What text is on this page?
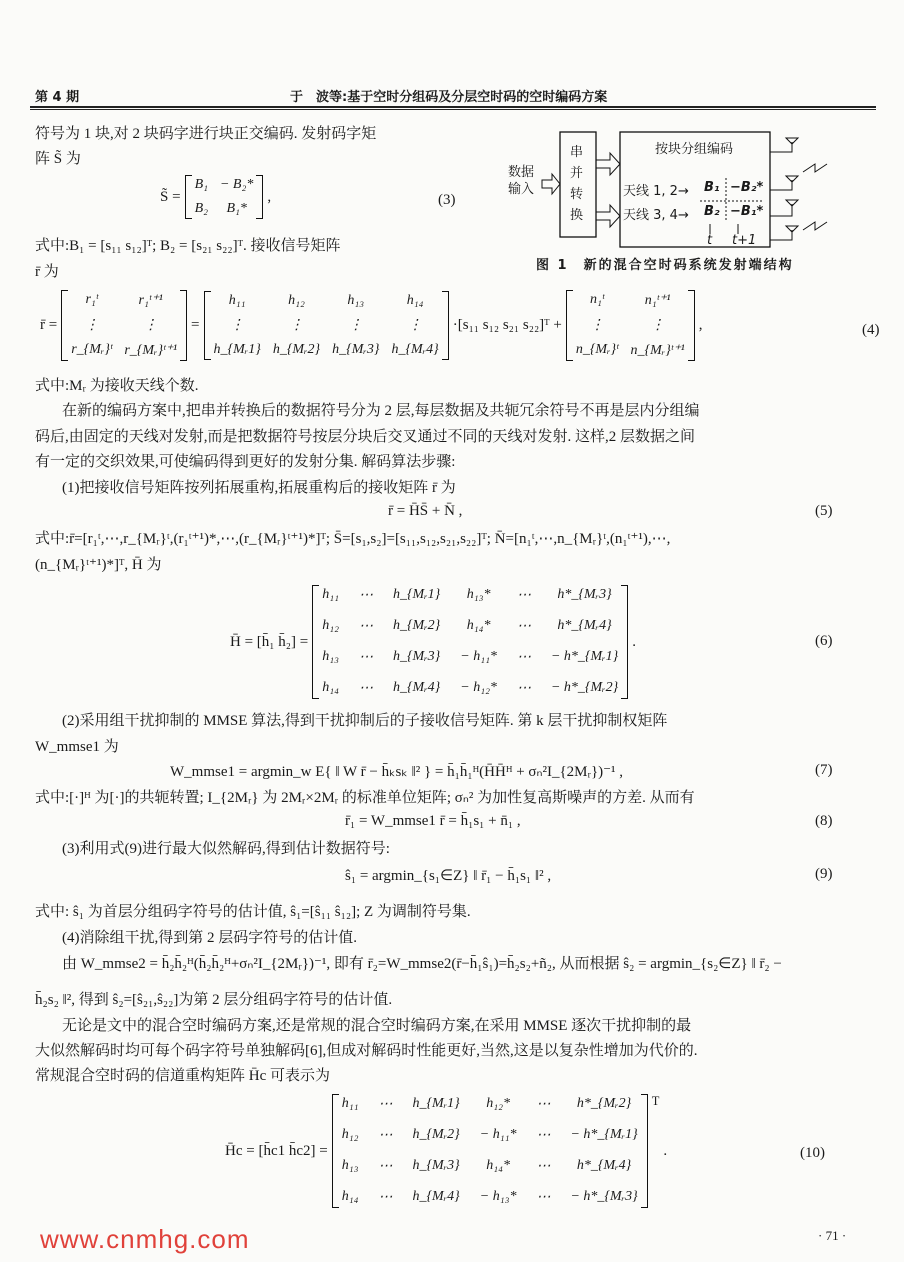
第 4 期	于　波等:基于空时分组码及分层空时码的空时编码方案
符号为 1 块,对 2 块码字进行块正交编码. 发射码字矩
阵 S̃ 为
S̃ =
B₁ − B₂*
B₂	B₁*
,	(3)
式中:B₁ = [s₁₁ s₁₂]ᵀ; B₂ = [s₂₁ s₂₂]ᵀ. 接收信号矩阵
r̄ 为
数据
输入
串
并
转
换
按块分组编码
天线 1, 2→
天线 3, 4→
B₁ −B₂*
B₂ −B₁*
t t+1
图 1　新的混合空时码系统发射端结构
r̄ =
r₁ᵗ	r₁ᵗ⁺¹
⋮	⋮
r_{Mᵣ}ᵗ r_{Mᵣ}ᵗ⁺¹
=
h₁₁	h₁₂	h₁₃	h₁₄
⋮	⋮	⋮	⋮
h_{Mᵣ1} h_{Mᵣ2} h_{Mᵣ3} h_{Mᵣ4}
·[s₁₁ s₁₂ s₂₁ s₂₂]ᵀ +
n₁ᵗ	n₁ᵗ⁺¹
⋮	⋮
n_{Mᵣ}ᵗ n_{Mᵣ}ᵗ⁺¹
,	(4)
式中:Mᵣ 为接收天线个数.
在新的编码方案中,把串并转换后的数据符号分为 2 层,每层数据及共轭冗余符号不再是层内分组编
码后,由固定的天线对发射,而是把数据符号按层分块后交叉通过不同的天线对发射. 这样,2 层数据之间
有一定的交织效果,可使编码得到更好的发射分集. 解码算法步骤:
(1)把接收信号矩阵按列拓展重构,拓展重构后的接收矩阵 r̄ 为
r̄ = H̄S̄ + N̄ ,	(5)
式中:r̄=[r₁ᵗ,⋯,r_{Mᵣ}ᵗ,(r₁ᵗ⁺¹)*,⋯,(r_{Mᵣ}ᵗ⁺¹)*]ᵀ; S̄=[s₁,s₂]=[s₁₁,s₁₂,s₂₁,s₂₂]ᵀ; N̄=[n₁ᵗ,⋯,n_{Mᵣ}ᵗ,(n₁ᵗ⁺¹),⋯,
(n_{Mᵣ}ᵗ⁺¹)*]ᵀ, H̄ 为
H̄ = [h̄₁ h̄₂] =
h₁₁ ⋯ h_{Mᵣ1}	h₁₃*	⋯	h*_{Mᵣ3}
h₁₂ ⋯ h_{Mᵣ2}	h₁₄*	⋯	h*_{Mᵣ4}
h₁₃ ⋯ h_{Mᵣ3} − h₁₁* ⋯ − h*_{Mᵣ1}
h₁₄ ⋯ h_{Mᵣ4} − h₁₂* ⋯ − h*_{Mᵣ2}
.	(6)
(2)采用组干扰抑制的 MMSE 算法,得到干扰抑制后的子接收信号矩阵. 第 k 层干扰抑制权矩阵
W_mmse1 为
W_mmse1 = argmin_w E{ ‖ W r̄ − h̄ₖsₖ ‖² } = h̄₁h̄₁ᴴ(H̄H̄ᴴ + σₙ²I_{2Mᵣ})⁻¹ ,	(7)
式中:[·]ᴴ 为[·]的共轭转置; I_{2Mᵣ} 为 2Mᵣ×2Mᵣ 的标准单位矩阵; σₙ² 为加性复高斯噪声的方差. 从而有
r̄₁ = W_mmse1 r̄ = h̄₁s₁ + n̄₁ ,	(8)
(3)利用式(9)进行最大似然解码,得到估计数据符号:
ŝ₁ = argmin_{s₁∈Z} ‖ r̄₁ − h̄₁s₁ ‖² ,	(9)
式中: ŝ₁ 为首层分组码字符号的估计值, ŝ₁=[ŝ₁₁ ŝ₁₂]; Z 为调制符号集.
(4)消除组干扰,得到第 2 层码字符号的估计值.
由 W_mmse2 = h̄₂h̄₂ᴴ(h̄₂h̄₂ᴴ+σₙ²I_{2Mᵣ})⁻¹, 即有 r̄₂=W_mmse2(r̄−h̄₁ŝ₁)=h̄₂s₂+ñ₂, 从而根据 ŝ₂ = argmin_{s₂∈Z} ‖ r̄₂ −
h̄₂s₂ ‖², 得到 ŝ₂=[ŝ₂₁,ŝ₂₂]为第 2 层分组码字符号的估计值.
无论是文中的混合空时编码方案,还是常规的混合空时编码方案,在采用 MMSE 逐次干扰抑制的最
大似然解码时均可每个码字符号单独解码[6],但成对解码时性能更好,当然,这是以复杂性增加为代价的.
常规混合空时码的信道重构矩阵 H̄c 可表示为
H̄c = [h̄c1 h̄c2] =
h₁₁ ⋯ h_{Mᵣ1}	h₁₂*	⋯	h*_{Mᵣ2}
h₁₂ ⋯ h_{Mᵣ2} − h₁₁* ⋯ − h*_{Mᵣ1}
h₁₃ ⋯ h_{Mᵣ3}	h₁₄*	⋯	h*_{Mᵣ4}
h₁₄ ⋯ h_{Mᵣ4} − h₁₃* ⋯ − h*_{Mᵣ3}
$^T$
.	(10)
· 71 ·
www.cnmhg.com
